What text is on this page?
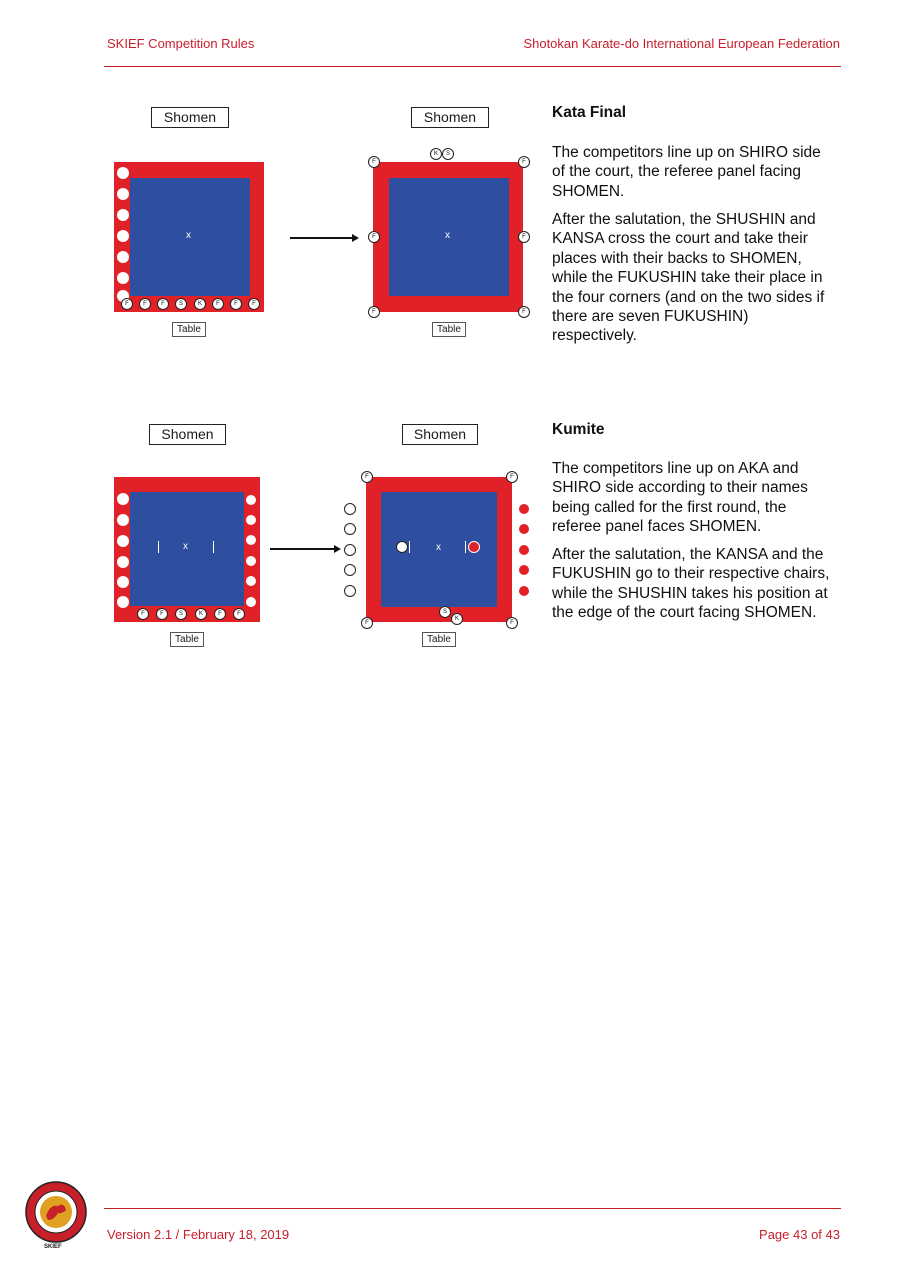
SKIEF Competition Rules	Shotokan Karate-do International European Federation
Shomen
x
F	F	F	S	K	F	F	F
Table
Shomen
K	S
x
F	F
F	F
F	F
Table
Kata Final
The competitors line up on SHIRO side of the court, the referee panel facing SHOMEN.
After the salutation, the SHUSHIN and KANSA cross the court and take their places with their backs to SHOMEN, while the FUKUSHIN take their place in the four corners (and on the two sides if there are seven FUKUSHIN) respectively.
Shomen
x
F	F	S	K	F	F
Table
Shomen
F	F
F	F
S
K
x
Table
Kumite
The competitors line up on AKA and SHIRO side according to their names being called for the first round, the referee panel faces SHOMEN.
After the salutation, the KANSA and the FUKUSHIN go to their respective chairs, while the SHUSHIN takes his position at the edge of the court facing SHOMEN.
SKIEF
Version 2.1 / February 18, 2019	Page 43 of 43
